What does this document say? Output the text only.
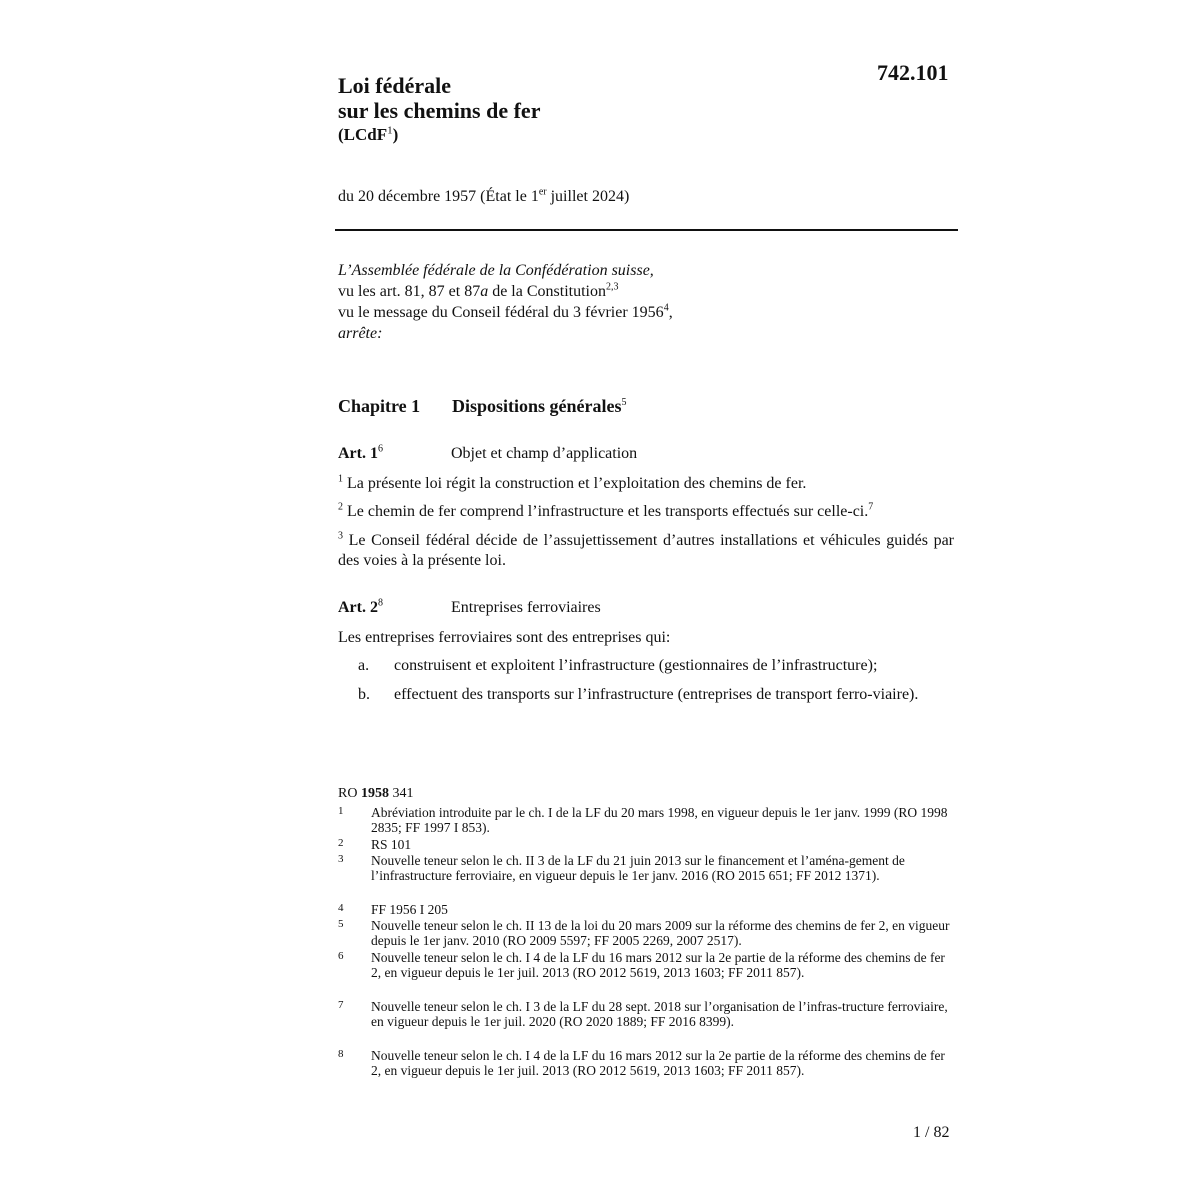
742.101
Loi fédérale
sur les chemins de fer
(LCdF$^1$)
du 20 décembre 1957 (État le 1er juillet 2024)
L’Assemblée fédérale de la Confédération suisse,
vu les art. 81, 87 et 87a de la Constitution$^{2,3}$
vu le message du Conseil fédéral du 3 février 1956$^4$,
arrête:
Chapitre 1 Dispositions générales$^5$
Art. $1^6$	Objet et champ d’application
$^1$ La présente loi régit la construction et l’exploitation des chemins de fer.
$^2$ Le chemin de fer comprend l’infrastructure et les transports effectués sur celle-ci.$^7$
$^3$ Le Conseil fédéral décide de l’assujettissement d’autres installations et véhicules guidés par des voies à la présente loi.
Art. $2^8$	Entreprises ferroviaires
Les entreprises ferroviaires sont des entreprises qui:
a. construisent et exploitent l’infrastructure (gestionnaires de l’infrastructure);
b. effectuent des transports sur l’infrastructure (entreprises de transport ferro-viaire).
RO 1958 341
1 Abréviation introduite par le ch. I de la LF du 20 mars 1998, en vigueur depuis le 1er janv. 1999 (RO 1998 2835; FF 1997 I 853).
2 RS 101
3 Nouvelle teneur selon le ch. II 3 de la LF du 21 juin 2013 sur le financement et l’aména-gement de l’infrastructure ferroviaire, en vigueur depuis le 1er janv. 2016 (RO 2015 651; FF 2012 1371).
4 FF 1956 I 205
5 Nouvelle teneur selon le ch. II 13 de la loi du 20 mars 2009 sur la réforme des chemins de fer 2, en vigueur depuis le 1er janv. 2010 (RO 2009 5597; FF 2005 2269, 2007 2517).
6 Nouvelle teneur selon le ch. I 4 de la LF du 16 mars 2012 sur la 2e partie de la réforme des chemins de fer 2, en vigueur depuis le 1er juil. 2013 (RO 2012 5619, 2013 1603; FF 2011 857).
7 Nouvelle teneur selon le ch. I 3 de la LF du 28 sept. 2018 sur l’organisation de l’infras-tructure ferroviaire, en vigueur depuis le 1er juil. 2020 (RO 2020 1889; FF 2016 8399).
8 Nouvelle teneur selon le ch. I 4 de la LF du 16 mars 2012 sur la 2e partie de la réforme des chemins de fer 2, en vigueur depuis le 1er juil. 2013 (RO 2012 5619, 2013 1603; FF 2011 857).
1 / 82
